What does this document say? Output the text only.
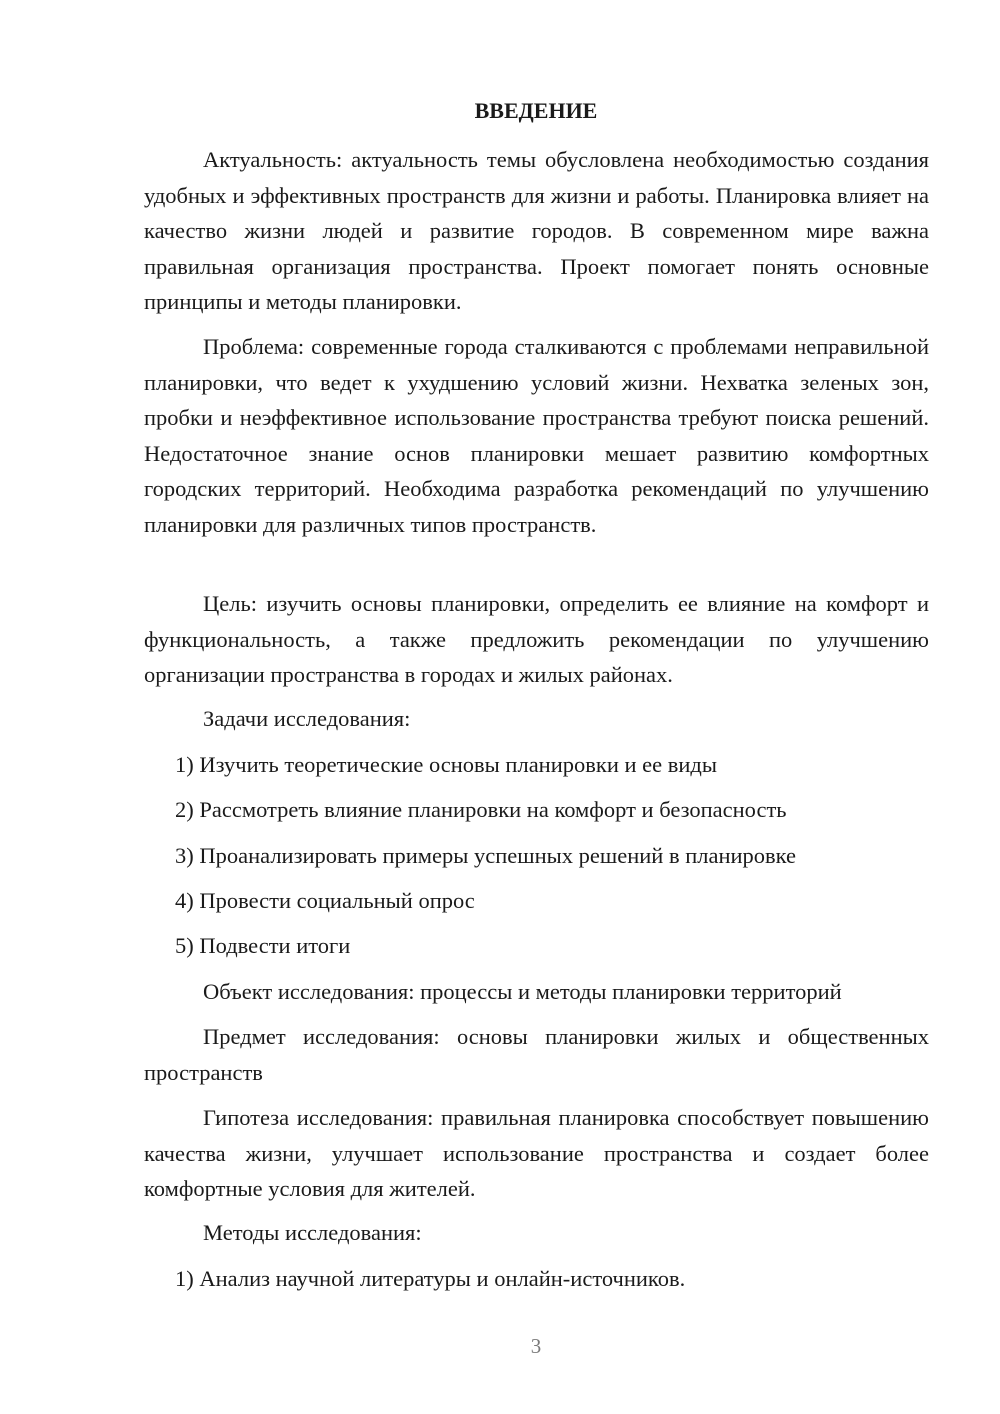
ВВЕДЕНИЕ

Актуальность: актуальность темы обусловлена необходимостью создания удобных и эффективных пространств для жизни и работы. Планировка влияет на качество жизни людей и развитие городов. В современном мире важна правильная организация пространства. Проект помогает понять основные принципы и методы планировки.

Проблема: современные города сталкиваются с проблемами неправильной планировки, что ведет к ухудшению условий жизни. Нехватка зеленых зон, пробки и неэффективное использование пространства требуют поиска решений. Недостаточное знание основ планировки мешает развитию комфортных городских территорий. Необходима разработка рекомендаций по улучшению планировки для различных типов пространств.

Цель: изучить основы планировки, определить ее влияние на комфорт и функциональность, а также предложить рекомендации по улучшению организации пространства в городах и жилых районах.

Задачи исследования:

1) Изучить теоретические основы планировки и ее виды

2) Рассмотреть влияние планировки на комфорт и безопасность

3) Проанализировать примеры успешных решений в планировке

4) Провести социальный опрос

5) Подвести итоги

Объект исследования: процессы и методы планировки территорий

Предмет исследования: основы планировки жилых и общественных пространств

Гипотеза исследования: правильная планировка способствует повышению качества жизни, улучшает использование пространства и создает более комфортные условия для жителей.

Методы исследования:

1) Анализ научной литературы и онлайн-источников.

3
